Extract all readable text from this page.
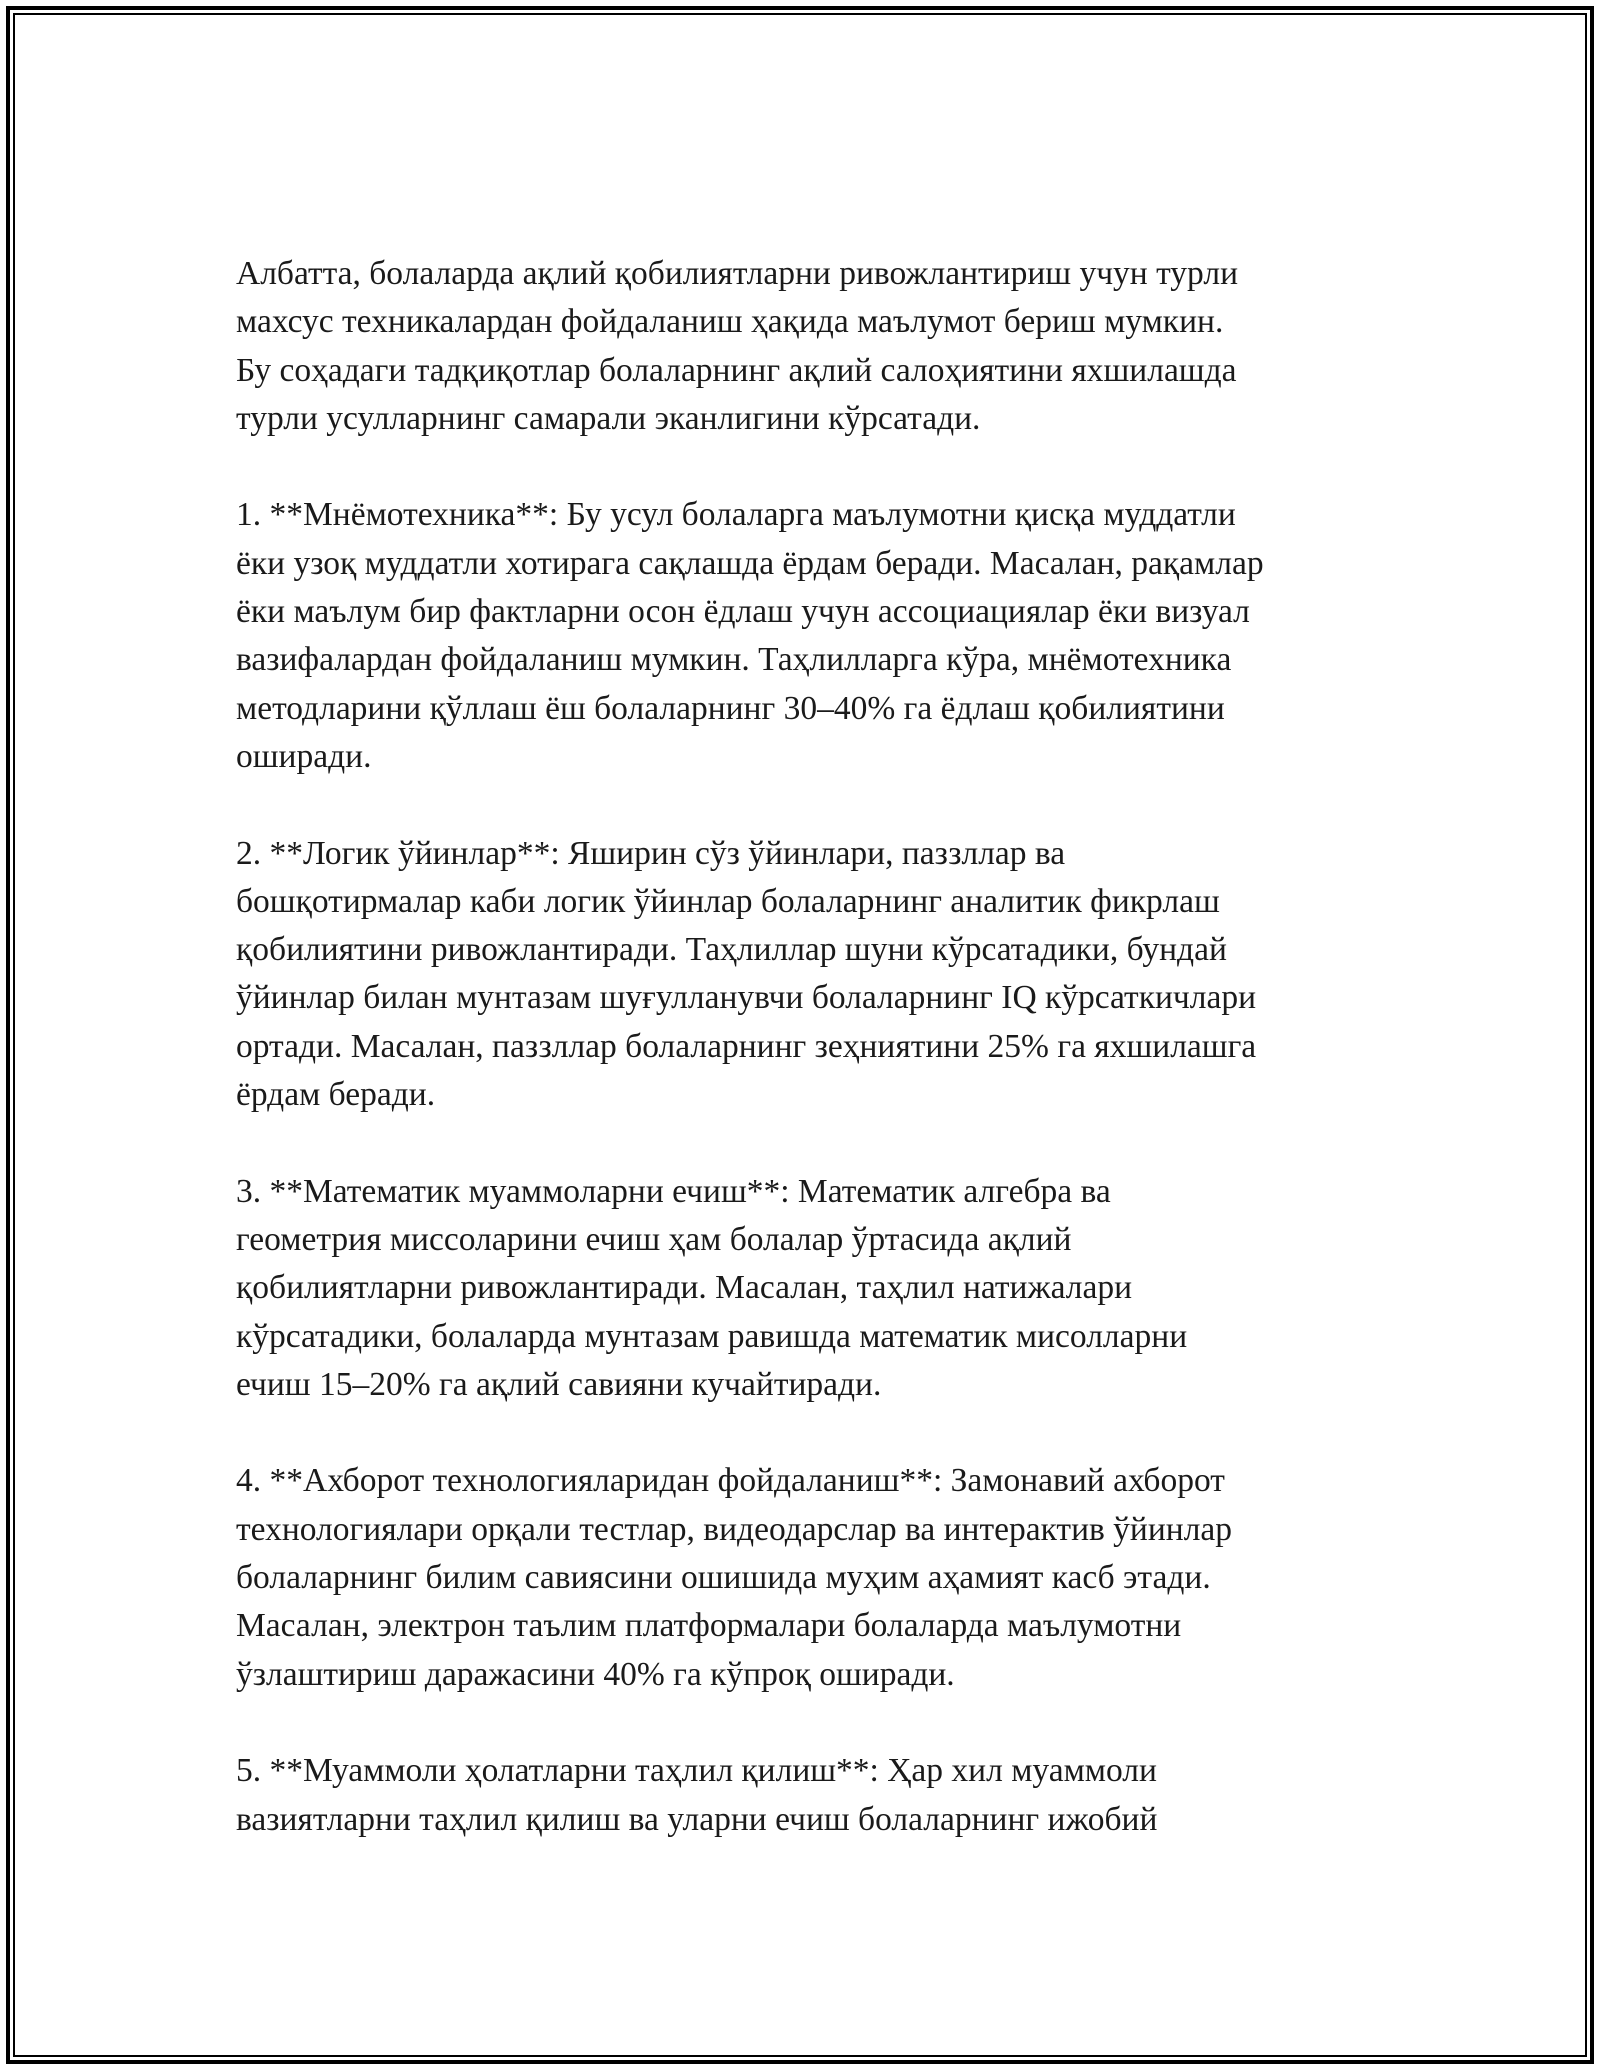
Албатта, болаларда ақлий қобилиятларни ривожлантириш учун турли
махсус техникалардан фойдаланиш ҳақида маълумот бериш мумкин.
Бу соҳадаги тадқиқотлар болаларнинг ақлий салоҳиятини яхшилашда
турли усулларнинг самарали эканлигини кўрсатади.

1. **Мнёмотехника**: Бу усул болаларга маълумотни қисқа муддатли
ёки узоқ муддатли хотирага сақлашда ёрдам беради. Масалан, рақамлар
ёки маълум бир фактларни осон ёдлаш учун ассоциациялар ёки визуал
вазифалардан фойдаланиш мумкин. Таҳлилларга кўра, мнёмотехника
методларини қўллаш ёш болаларнинг 30–40% га ёдлаш қобилиятини
оширади.

2. **Логик ўйинлар**: Яширин сўз ўйинлари, паззллар ва
бошқотирмалар каби логик ўйинлар болаларнинг аналитик фикрлаш
қобилиятини ривожлантиради. Таҳлиллар шуни кўрсатадики, бундай
ўйинлар билан мунтазам шуғулланувчи болаларнинг IQ кўрсаткичлари
ортади. Масалан, паззллар болаларнинг зеҳниятини 25% га яхшилашга
ёрдам беради.

3. **Математик муаммоларни ечиш**: Математик алгебра ва
геометрия миссоларини ечиш ҳам болалар ўртасида ақлий
қобилиятларни ривожлантиради. Масалан, таҳлил натижалари
кўрсатадики, болаларда мунтазам равишда математик мисолларни
ечиш 15–20% га ақлий савияни кучайтиради.

4. **Ахборот технологияларидан фойдаланиш**: Замонавий ахборот
технологиялари орқали тестлар, видеодарслар ва интерактив ўйинлар
болаларнинг билим савиясини ошишида муҳим аҳамият касб этади.
Масалан, электрон таълим платформалари болаларда маълумотни
ўзлаштириш даражасини 40% га кўпроқ оширади.

5. **Муаммоли ҳолатларни таҳлил қилиш**: Ҳар хил муаммоли
вазиятларни таҳлил қилиш ва уларни ечиш болаларнинг ижобий
